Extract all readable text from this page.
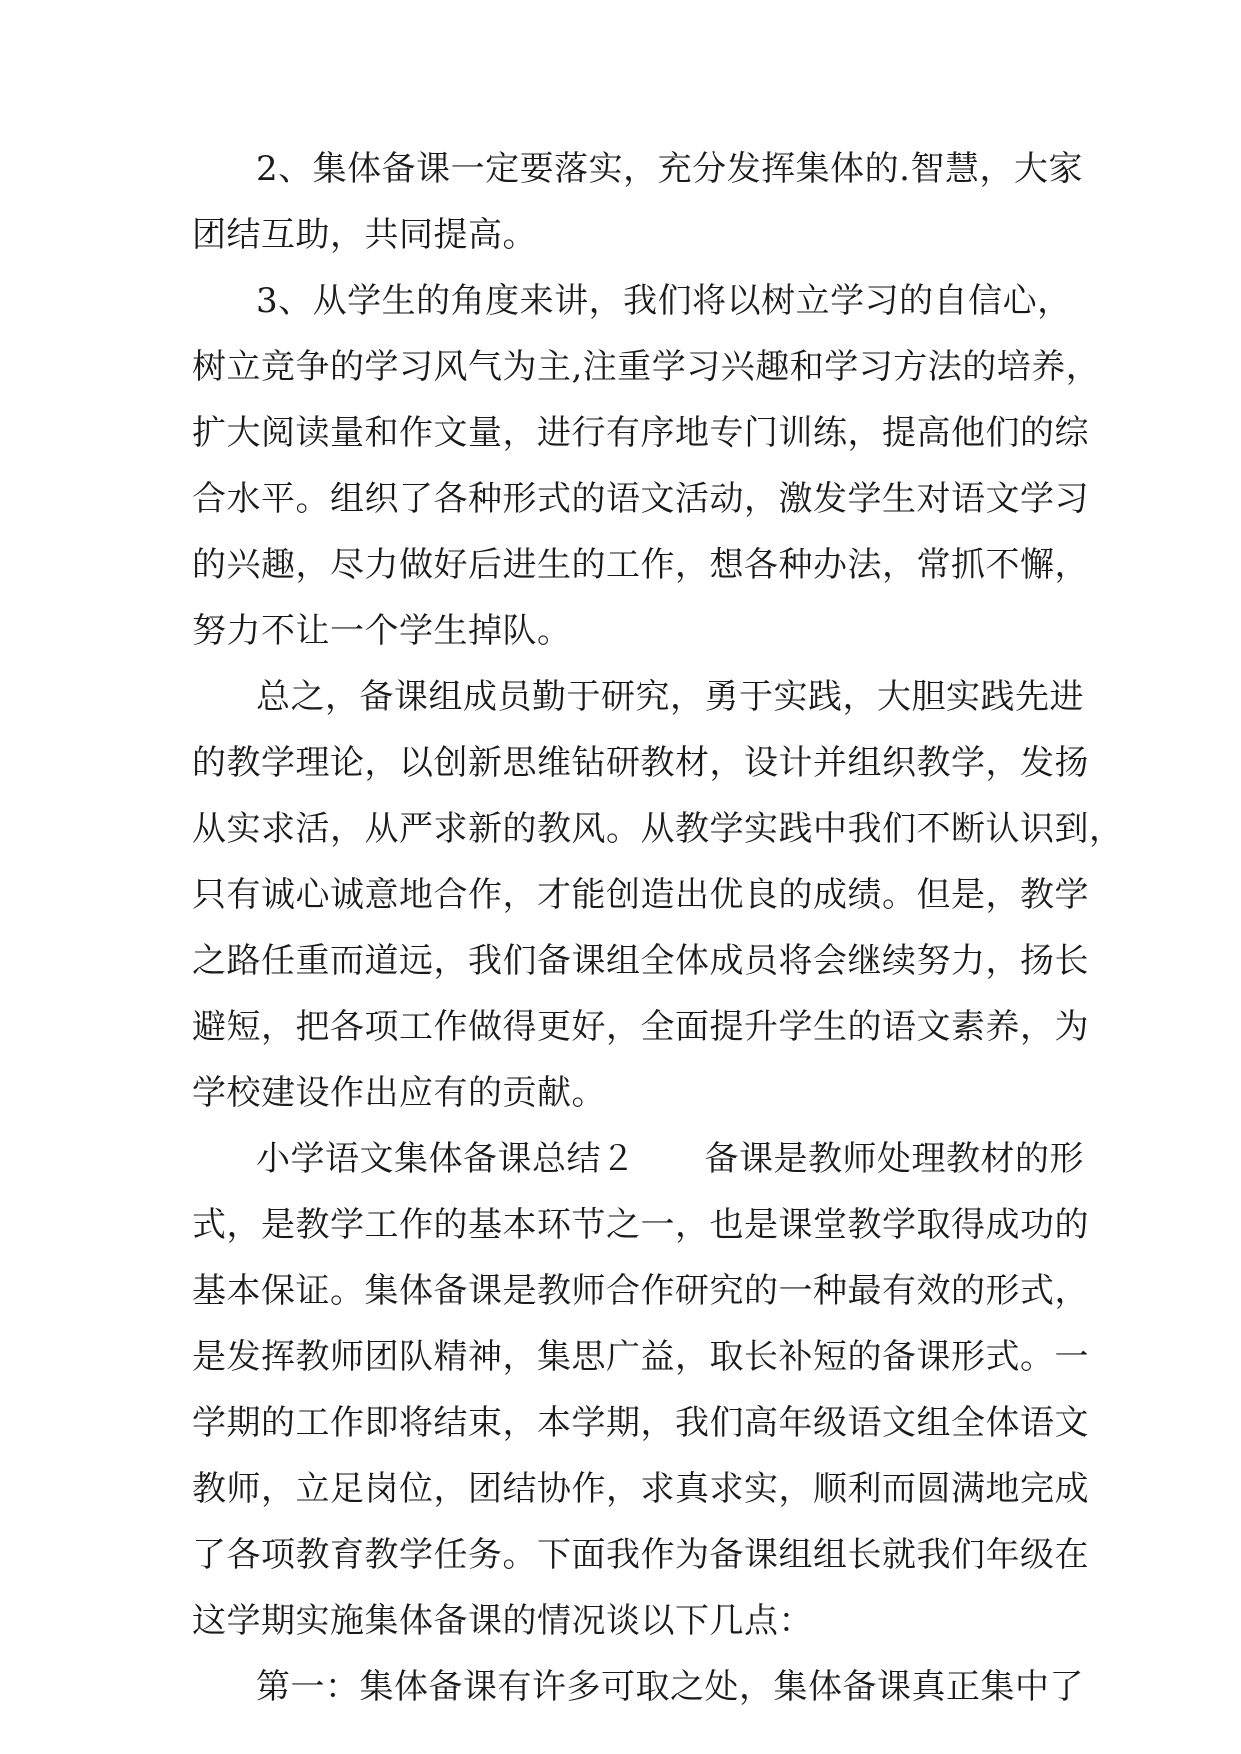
2、集体备课一定要落实，充分发挥集体的.智慧，大家
团结互助，共同提高。
3、从学生的角度来讲，我们将以树立学习的自信心，
树立竞争的学习风气为主,注重学习兴趣和学习方法的培养，
扩大阅读量和作文量，进行有序地专门训练，提高他们的综
合水平。组织了各种形式的语文活动，激发学生对语文学习
的兴趣，尽力做好后进生的工作，想各种办法，常抓不懈，
努力不让一个学生掉队。
总之，备课组成员勤于研究，勇于实践，大胆实践先进
的教学理论，以创新思维钻研教材，设计并组织教学，发扬
从实求活，从严求新的教风。从教学实践中我们不断认识到，
只有诚心诚意地合作，才能创造出优良的成绩。但是，教学
之路任重而道远，我们备课组全体成员将会继续努力，扬长
避短，把各项工作做得更好，全面提升学生的语文素养，为
学校建设作出应有的贡献。
小学语文集体备课总结２　　备课是教师处理教材的形
式，是教学工作的基本环节之一，也是课堂教学取得成功的
基本保证。集体备课是教师合作研究的一种最有效的形式，
是发挥教师团队精神，集思广益，取长补短的备课形式。一
学期的工作即将结束，本学期，我们高年级语文组全体语文
教师，立足岗位，团结协作，求真求实，顺利而圆满地完成
了各项教育教学任务。下面我作为备课组组长就我们年级在
这学期实施集体备课的情况谈以下几点：
第一：集体备课有许多可取之处，集体备课真正集中了
